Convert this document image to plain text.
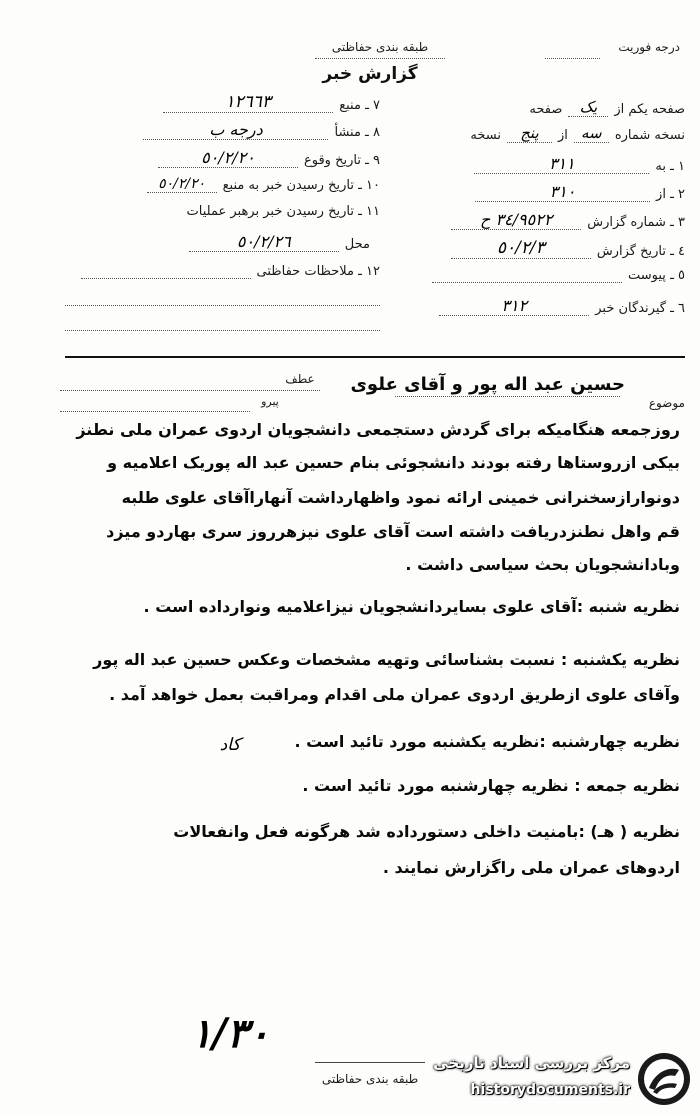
طبقه بندی حفاظتی	درجه فوریت
گزارش خبر
٧ ـ منبع
١٢٦٦٣
٨ ـ منشأ
درجه ب
٩ ـ تاریخ وقوع
٥٠/٢/٢٠
١٠ ـ تاریخ رسیدن خبر به منبع
٥٠/٢/٢٠
١١ ـ تاریخ رسیدن خبر برهبر عملیات
محل
٥٠/٢/٢٦
١٢ ـ ملاحظات حفاظتی
صفحه یکم از
یک
صفحه
نسخه شماره
سه
از
پنج
نسخه
١ ـ به
٣١١
٢ ـ از
٣١٠
٣ ـ شماره گزارش
٣٤/٩٥٢٢ ح
٤ ـ تاریخ گزارش
٥٠/٢/٣
٥ ـ پیوست
٦ ـ گیرندگان خبر
٣١٢
موضوع
حسین عبد اله پور و آقای علوی
عطف
پیرو
روزجمعه هنگامیکه برای گردش دستجمعی دانشجویان اردوی عمران ملی نطنز
بیکی ازروستاها رفته بودند دانشجوئی بنام حسین عبد اله پوریک اعلامیه و
دونوارازسخنرانی خمینی ارائه نمود واظهارداشت آنهاراآقای علوی طلبه
قم واهل نطنزدریافت داشته است آقای علوی نیزهرروز سری بهاردو میزد
وبادانشجویان بحث سیاسی داشت .
نظریه شنبه :آقای علوی بسایردانشجویان نیزاعلامیه ونوارداده است .
نظریه یکشنبه : نسبت بشناسائی وتهیه مشخصات وعکس حسین عبد اله پور
وآقای علوی ازطریق اردوی عمران ملی اقدام ومراقبت بعمل خواهد آمد .
نظریه چهارشنبه :نظریه یکشنبه مورد تائید است .
کاد
نظریه جمعه : نظریه چهارشنبه مورد تائید است .
نظریه ( هـ) :بامنیت داخلی دستورداده شد هرگونه فعل وانفعالات
اردوهای عمران ملی راگزارش نمایند .
١/٣٠
طبقه بندی حفاظتی
مرکز بررسی اسناد تاریخی
historydocuments.ir
